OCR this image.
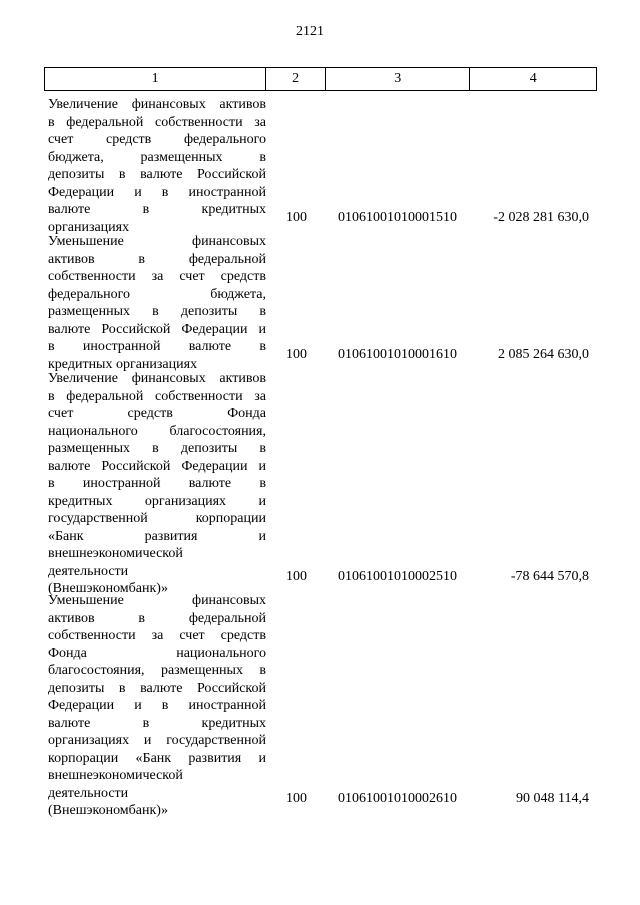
2121
1	2	3	4
Увеличение финансовых активов
в федеральной собственности за
счет средств федерального
бюджета, размещенных в
депозиты в валюте Российской
Федерации и в иностранной
валюте в кредитных
организациях
100 01061001010001510	-2 028 281 630,0
Уменьшение финансовых
активов в федеральной
собственности за счет средств
федерального бюджета,
размещенных в депозиты в
валюте Российской Федерации и
в иностранной валюте в
кредитных организациях
100 01061001010001610	2 085 264 630,0
Увеличение финансовых активов
в федеральной собственности за
счет средств Фонда
национального благосостояния,
размещенных в депозиты в
валюте Российской Федерации и
в иностранной валюте в
кредитных организациях и
государственной корпорации
«Банк развития и
внешнеэкономической
деятельности
(Внешэкономбанк)»
100 01061001010002510	-78 644 570,8
Уменьшение финансовых
активов в федеральной
собственности за счет средств
Фонда национального
благосостояния, размещенных в
депозиты в валюте Российской
Федерации и в иностранной
валюте в кредитных
организациях и государственной
корпорации «Банк развития и
внешнеэкономической
деятельности
(Внешэкономбанк)»
100 01061001010002610	90 048 114,4
